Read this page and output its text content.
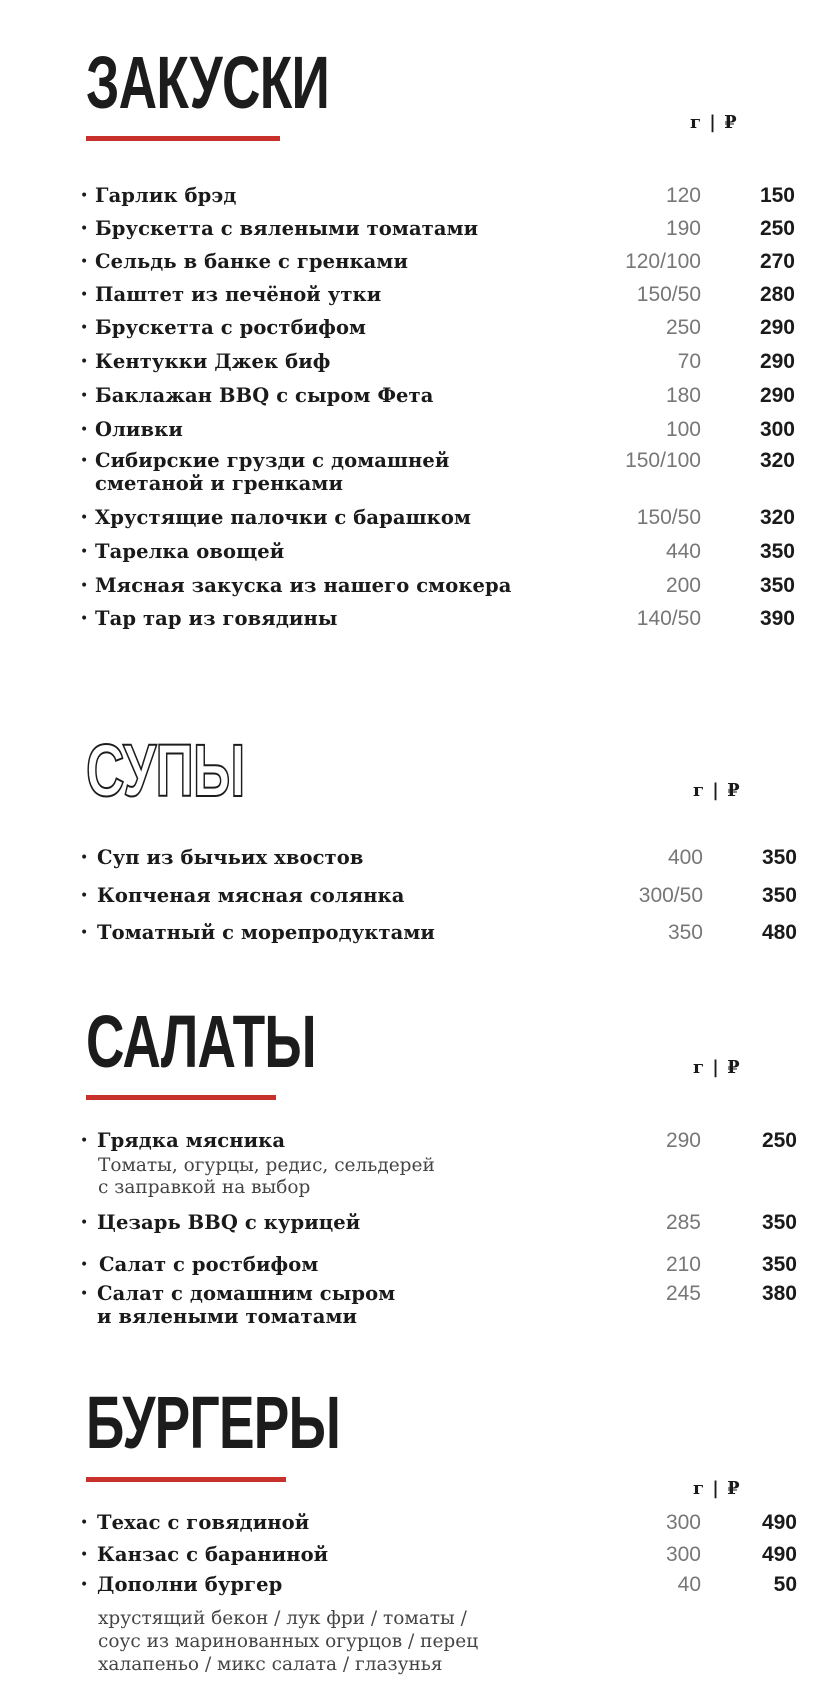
ЗАКУСКИ	г | ₽
• Гарлик брэд	120	150
• Брускетта с вялеными томатами	190	250
• Сельдь в банке с гренками	120/100	270
• Паштет из печёной утки	150/50	280
• Брускетта с ростбифом	250	290
• Кентукки Джек биф	70	290
• Баклажан BBQ с сыром Фета	180	290
• Оливки	100	300
• Сибирские грузди с домашней
сметаной и гренками
150/100	320
• Хрустящие палочки с барашком	150/50	320
• Тарелка овощей	440	350
• Мясная закуска из нашего смокера	200	350
• Тар тар из говядины	140/50	390
СУПЫ	г | ₽
• Суп из бычьих хвостов	400	350
• Копченая мясная солянка	300/50	350
• Томатный с морепродуктами	350	480
САЛАТЫ	г | ₽
• Грядка мясника
Томаты, огурцы, редис, сельдерей
с заправкой на выбор
290	250
• Цезарь BBQ с курицей	285	350
• Салат с ростбифом	210	350
• Салат с домашним сыром
и вялеными томатами
245	380
БУРГЕРЫ
г | ₽
• Техас с говядиной	300	490
• Канзас с бараниной	300	490
• Дополни бургер	40	50
хрустящий бекон / лук фри / томаты /
соус из маринованных огурцов / перец
халапеньо / микс салата / глазунья
